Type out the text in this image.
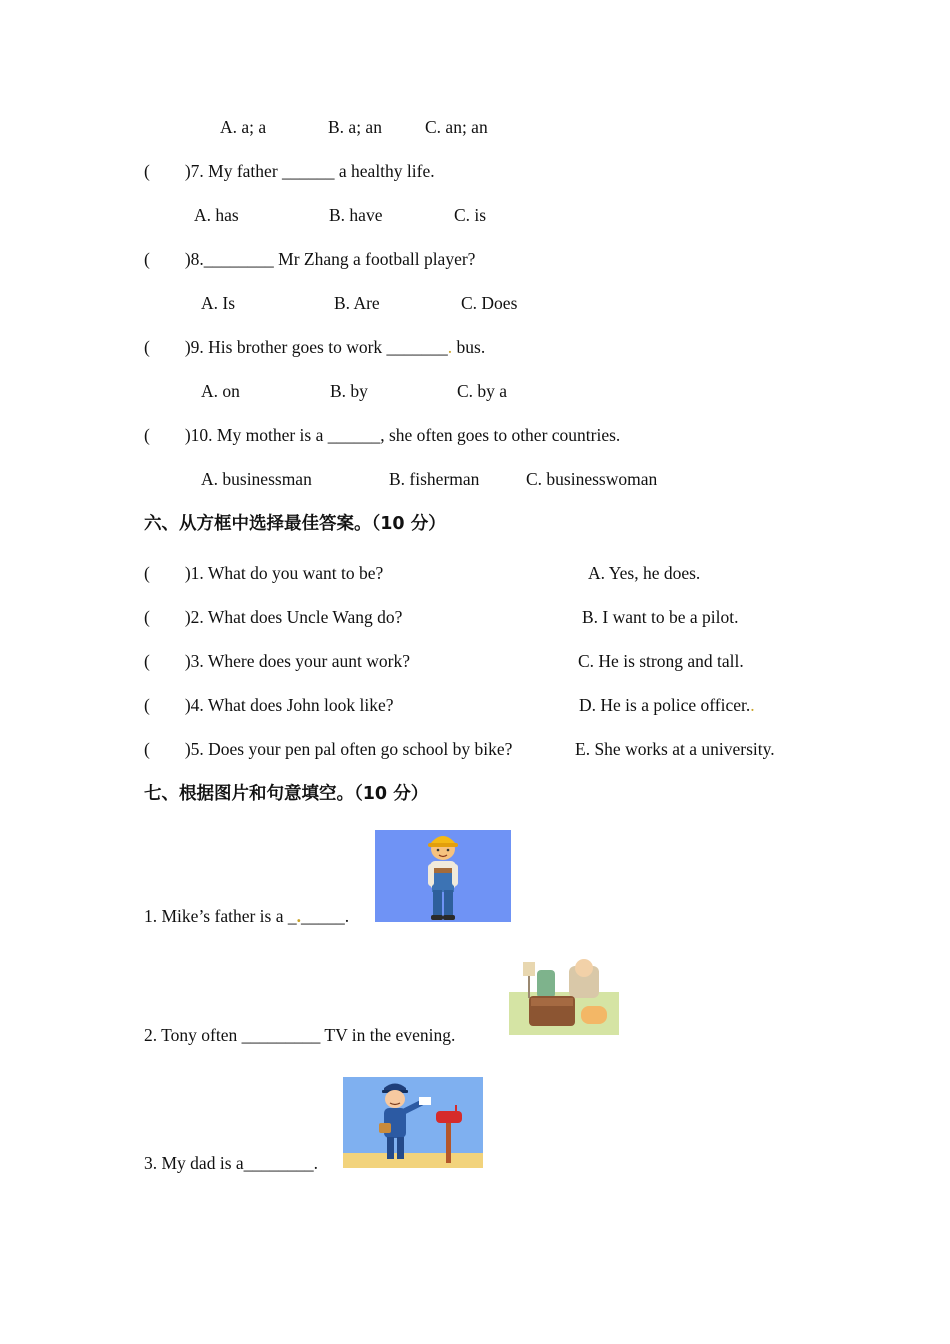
A. a; a	B. a; an C. an; an
(        )7. My father ______ a healthy life.
A. has	B. have	C. is
(        )8.________ Mr Zhang a football player?
A. Is	B. Are	C. Does
(        )9. His brother goes to work _______. bus.
A. on	B. by	C. by a
(        )10. My mother is a ______, she often goes to other countries.
A. businessman	B. fisherman	C. businesswoman
六、从方框中选择最佳答案。（10 分）
(        )1. What do you want to be?	A. Yes, he does.
(        )2. What does Uncle Wang do?	B. I want to be a pilot.
(        )3. Where does your aunt work?	C. He is strong and tall.
(        )4. What does John look like?	D. He is a police officer..
(        )5. Does your pen pal often go school by bike?	E. She works at a university.
七、根据图片和句意填空。（10 分）
1. Mike’s father is a _._____.
2. Tony often _________ TV in the evening.
3. My dad is a________.
